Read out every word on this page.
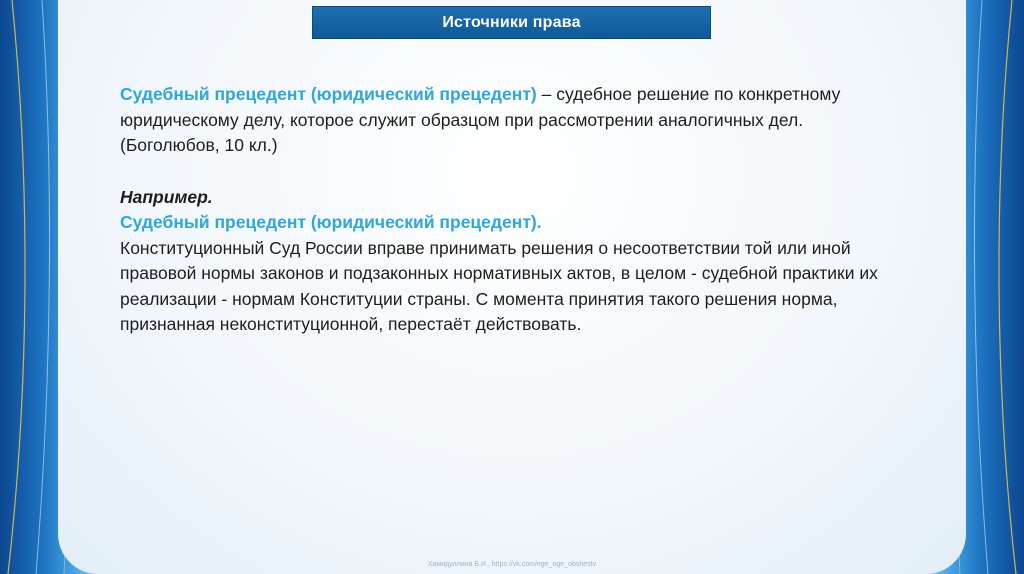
Источники права

Судебный прецедент (юридический прецедент) – судебное решение по конкретному юридическому делу, которое служит образцом при рассмотрении аналогичных дел. (Боголюбов, 10 кл.)

Например.

Судебный прецедент (юридический прецедент).

Конституционный Суд России вправе принимать решения о несоответствии той или иной правовой нормы законов и подзаконных нормативных актов, в целом - судебной практики их реализации - нормам Конституции страны. С момента принятия такого решения норма, признанная неконституционной, перестаёт действовать.

Хамидуллина Б.И., https://vk.com/ege_oge_obshestv
